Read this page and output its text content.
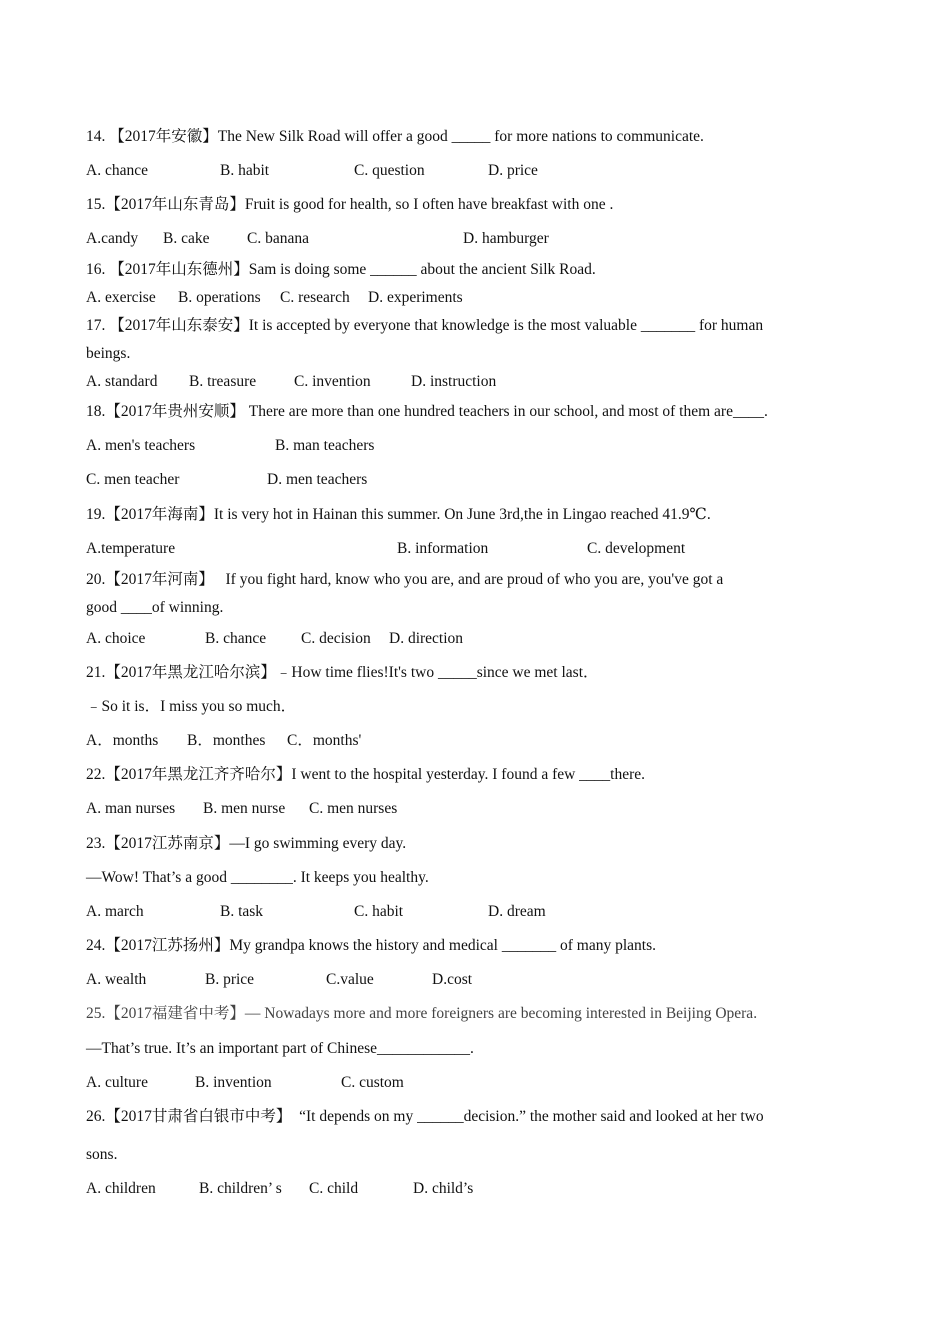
14. 【2017年安徽】The New Silk Road will offer a good _____ for more nations to communicate.
A. chance	B. habit	C. question	D. price
15.【2017年山东青岛】Fruit is good for health, so I often have breakfast with one .
A.candy B. cake C. banana	D. hamburger
16. 【2017年山东德州】Sam is doing some ______ about the ancient Silk Road.
A. exercise B. operations C. research D. experiments
17. 【2017年山东泰安】It is accepted by everyone that knowledge is the most valuable _______ for human
beings.
A. standard B. treasure C. invention	D. instruction
18.【2017年贵州安顺】 There are more than one hundred teachers in our school, and most of them are____.
A. men's teachers	B. man teachers
C. men teacher	D. men teachers
19.【2017年海南】It is very hot in Hainan this summer. On June 3rd,the in Lingao reached 41.9℃.
A.temperature	B. information	C. development
20.【2017年河南】   If you fight hard, know who you are, and are proud of who you are, you've got a
good ____of winning.
A. choice	B. chance C. decision D. direction
21.【2017年黑龙江哈尔滨】﹣How time flies!It's two _____since we met last．
﹣So it is．I miss you so much．
A．months B．monthes C．months'
22.【2017年黑龙江齐齐哈尔】I went to the hospital yesterday. I found a few ____there.
A. man nurses B. men nurse C. men nurses
23.【2017江苏南京】—I go swimming every day.
—Wow! That’s a good ________. It keeps you healthy.
A. march	B. task	C. habit	D. dream
24.【2017江苏扬州】My grandpa knows the history and medical _______ of many plants.
A. wealth	B. price	C.value	D.cost
25.【2017福建省中考】— Nowadays more and more foreigners are becoming interested in Beijing Opera.
—That’s true. It’s an important part of Chinese____________.
A. culture	B. invention	C. custom
26.【2017甘肃省白银市中考】  “It depends on my ______decision.” the mother said and looked at her two
sons.
A. children	B. children’ s C. child	D. child’s
